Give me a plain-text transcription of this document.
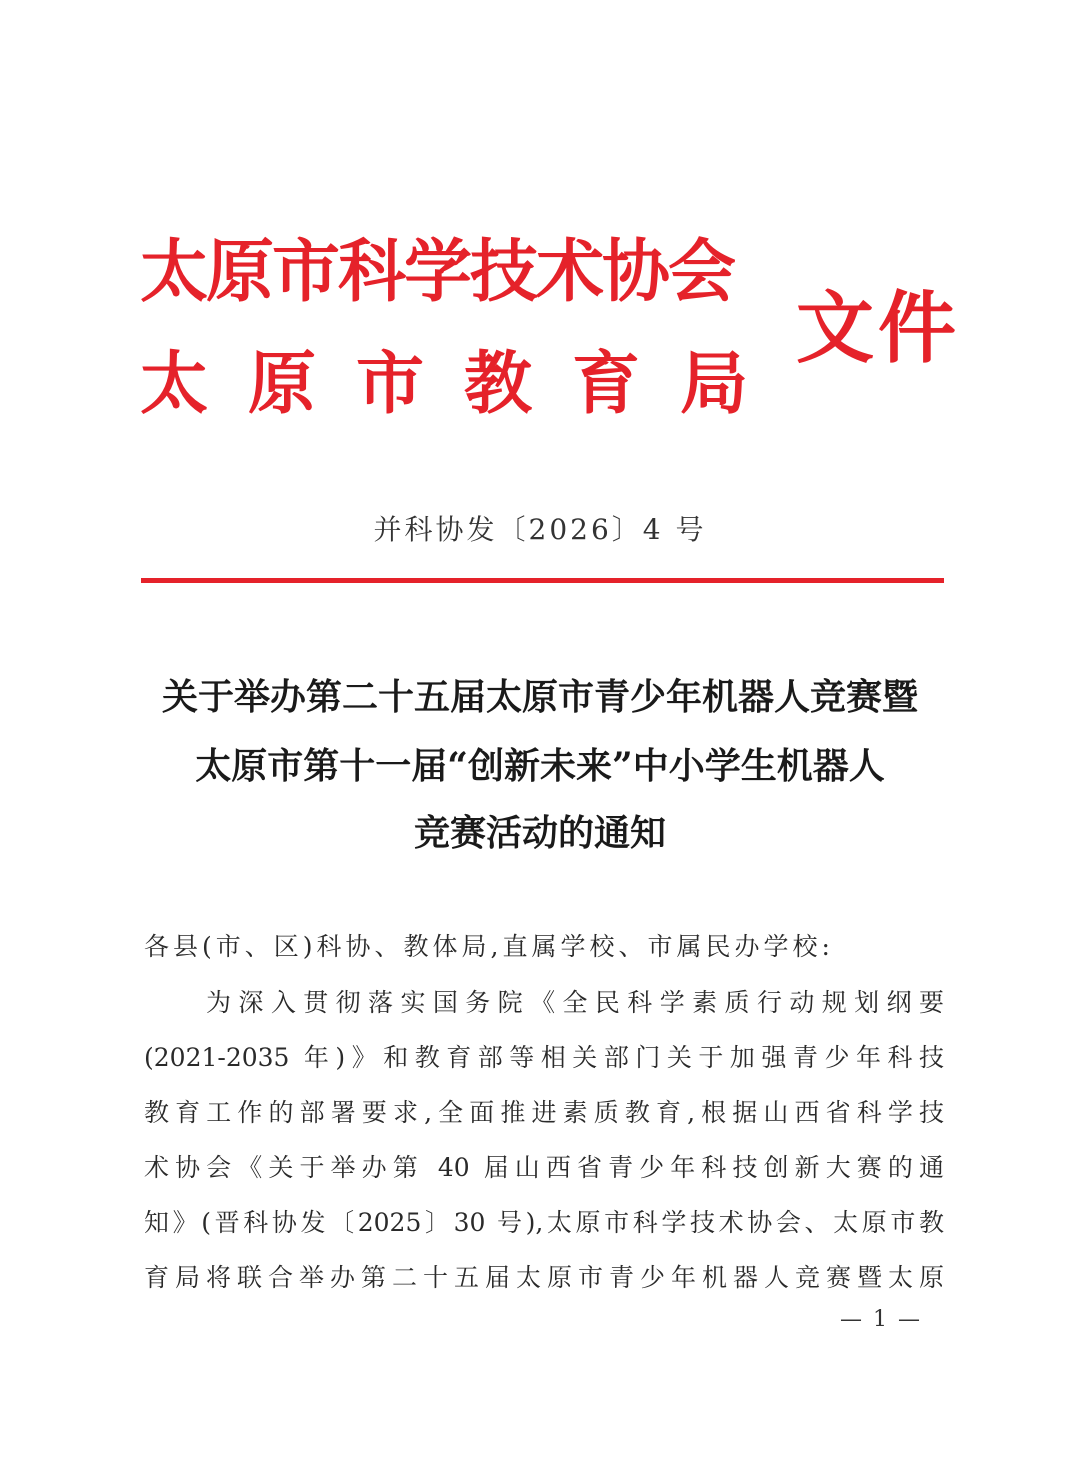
太原市科学技术协会
太原市教育局
文件
并科协发〔2026〕4 号
关于举办第二十五届太原市青少年机器人竞赛暨
太原市第十一届“创新未来”中小学生机器人
竞赛活动的通知
各县(市、区)科协、教体局,直属学校、市属民办学校:
为深入贯彻落实国务院《全民科学素质行动规划纲要
(2021-2035 年)》和教育部等相关部门关于加强青少年科技
教育工作的部署要求,全面推进素质教育,根据山西省科学技
术协会《关于举办第 40 届山西省青少年科技创新大赛的通
知》(晋科协发〔2025〕30 号),太原市科学技术协会、太原市教
育局将联合举办第二十五届太原市青少年机器人竞赛暨太原
— 1 —
